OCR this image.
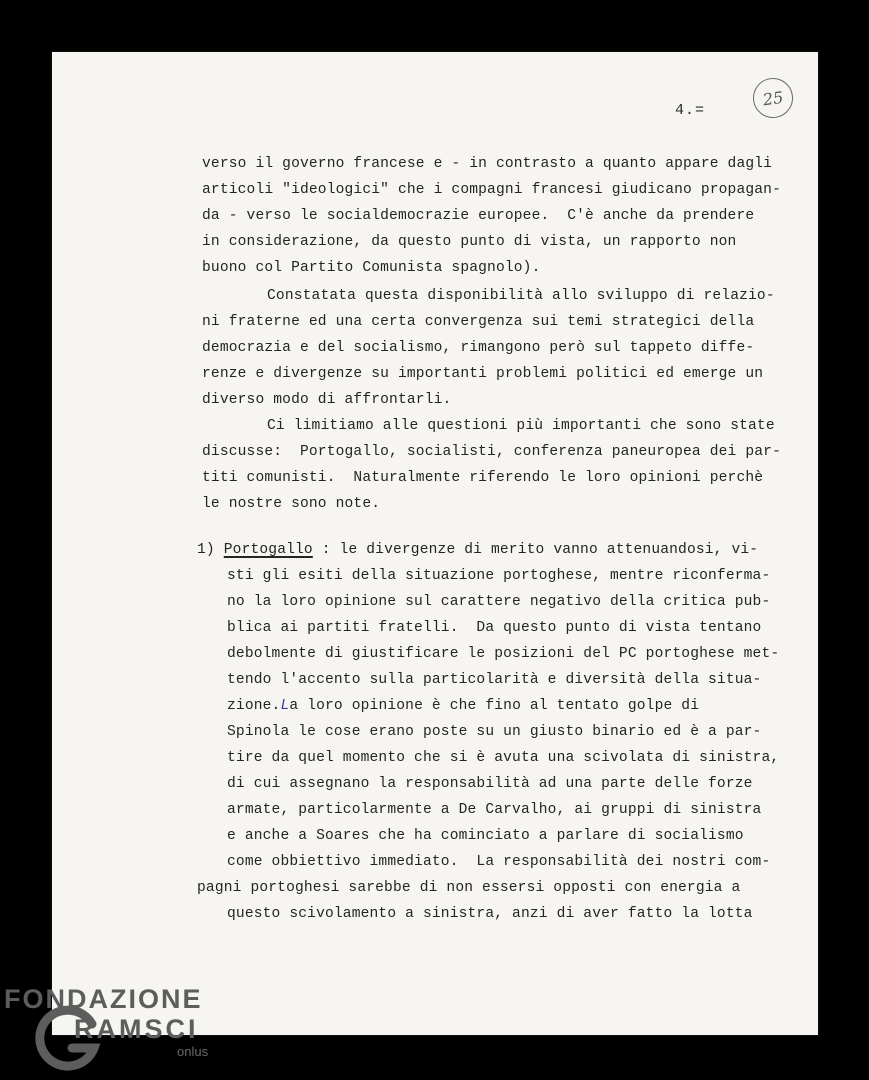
4.=
25
verso il governo francese e - in contrasto a quanto appare dagli
articoli "ideologici" che i compagni francesi giudicano propagan-
da - verso le socialdemocrazie europee.  C'è anche da prendere
in considerazione, da questo punto di vista, un rapporto non
buono col Partito Comunista spagnolo).
Constatata questa disponibilità allo sviluppo di relazio-
ni fraterne ed una certa convergenza sui temi strategici della
democrazia e del socialismo, rimangono però sul tappeto diffe-
renze e divergenze su importanti problemi politici ed emerge un
diverso modo di affrontarli.
Ci limitiamo alle questioni più importanti che sono state
discusse:  Portogallo, socialisti, conferenza paneuropea dei par-
titi comunisti.  Naturalmente riferendo le loro opinioni perchè
le nostre sono note.
1) Portogallo : le divergenze di merito vanno attenuandosi, vi-
sti gli esiti della situazione portoghese, mentre riconferma-
no la loro opinione sul carattere negativo della critica pub-
blica ai partiti fratelli.  Da questo punto di vista tentano
debolmente di giustificare le posizioni del PC portoghese met-
tendo l'accento sulla particolarità e diversità della situa-
zione.La loro opinione è che fino al tentato golpe di
Spinola le cose erano poste su un giusto binario ed è a par-
tire da quel momento che si è avuta una scivolata di sinistra,
di cui assegnano la responsabilità ad una parte delle forze
armate, particolarmente a De Carvalho, ai gruppi di sinistra
e anche a Soares che ha cominciato a parlare di socialismo
come obbiettivo immediato.  La responsabilità dei nostri com-
pagni portoghesi sarebbe di non essersi opposti con energia a
questo scivolamento a sinistra, anzi di aver fatto la lotta
FONDAZIONE
RAMSCI
onlus
